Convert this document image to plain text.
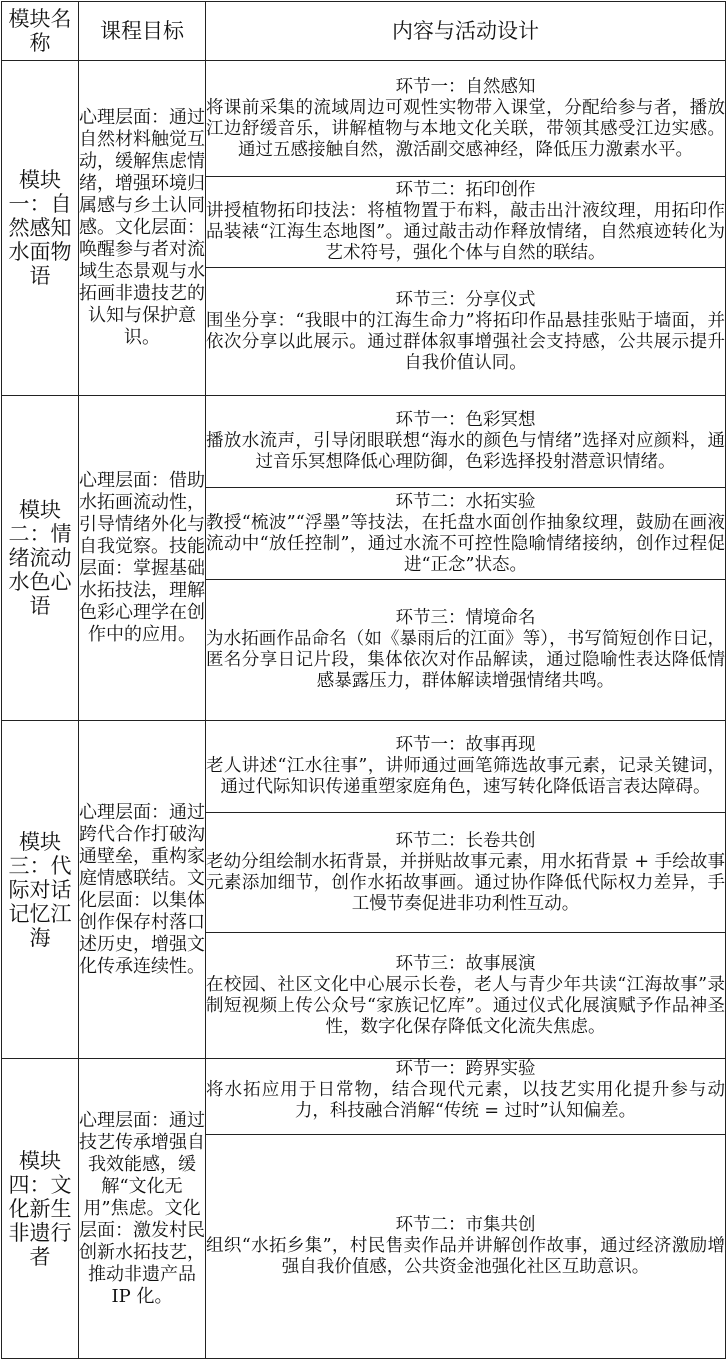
模块名称	课程目标	内容与活动设计
模块一：自然感知水面物语	心理层面：通过自然材料触觉互动，缓解焦虑情绪，增强环境归属感与乡土认同感。文化层面：唤醒参与者对流域生态景观与水拓画非遗技艺的认知与保护意识。	环节一：自然感知
将课前采集的流域周边可观性实物带入课堂，分配给参与者，播放江边舒缓音乐，讲解植物与本地文化关联，带领其感受江边实感。通过五感接触自然，激活副交感神经，降低压力激素水平。

		环节二：拓印创作
讲授植物拓印技法：将植物置于布料，敲击出汁液纹理，用拓印作品装裱“江海生态地图”。通过敲击动作释放情绪，自然痕迹转化为艺术符号，强化个体与自然的联结。

		环节三：分享仪式
围坐分享：“我眼中的江海生命力”将拓印作品悬挂张贴于墙面，并依次分享以此展示。通过群体叙事增强社会支持感，公共展示提升自我价值认同。

模块二：情绪流动水色心语	心理层面：借助水拓画流动性，引导情绪外化与自我觉察。技能层面：掌握基础水拓技法，理解色彩心理学在创作中的应用。	环节一：色彩冥想
播放水流声，引导闭眼联想“海水的颜色与情绪”选择对应颜料，通过音乐冥想降低心理防御，色彩选择投射潜意识情绪。

		环节二：水拓实验
教授“梳波”“浮墨”等技法，在托盘水面创作抽象纹理，鼓励在画液流动中“放任控制”，通过水流不可控性隐喻情绪接纳，创作过程促进“正念”状态。

		环节三：情境命名
为水拓画作品命名（如《暴雨后的江面》等），书写简短创作日记，匿名分享日记片段，集体依次对作品解读，通过隐喻性表达降低情感暴露压力，群体解读增强情绪共鸣。

模块三：代际对话记忆江海	心理层面：通过跨代合作打破沟通壁垒，重构家庭情感联结。文化层面：以集体创作保存村落口述历史，增强文化传承连续性。	环节一：故事再现
老人讲述“江水往事”，讲师通过画笔筛选故事元素，记录关键词，通过代际知识传递重塑家庭角色，速写转化降低语言表达障碍。

		环节二：长卷共创
老幼分组绘制水拓背景，并拼贴故事元素，用水拓背景 + 手绘故事元素添加细节，创作水拓故事画。通过协作降低代际权力差异，手工慢节奏促进非功利性互动。

		环节三：故事展演
在校园、社区文化中心展示长卷，老人与青少年共读“江海故事”录制短视频上传公众号“家族记忆库”。通过仪式化展演赋予作品神圣性，数字化保存降低文化流失焦虑。

模块四：文化新生非遗行者	心理层面：通过技艺传承增强自我效能感，缓解“文化无用”焦虑。文化层面：激发村民创新水拓技艺，推动非遗产品 IP 化。	环节一：跨界实验
将水拓应用于日常物，结合现代元素，以技艺实用化提升参与动力，科技融合消解“传统 = 过时”认知偏差。

		环节二：市集共创
组织“水拓乡集”，村民售卖作品并讲解创作故事，通过经济激励增强自我价值感，公共资金池强化社区互助意识。
